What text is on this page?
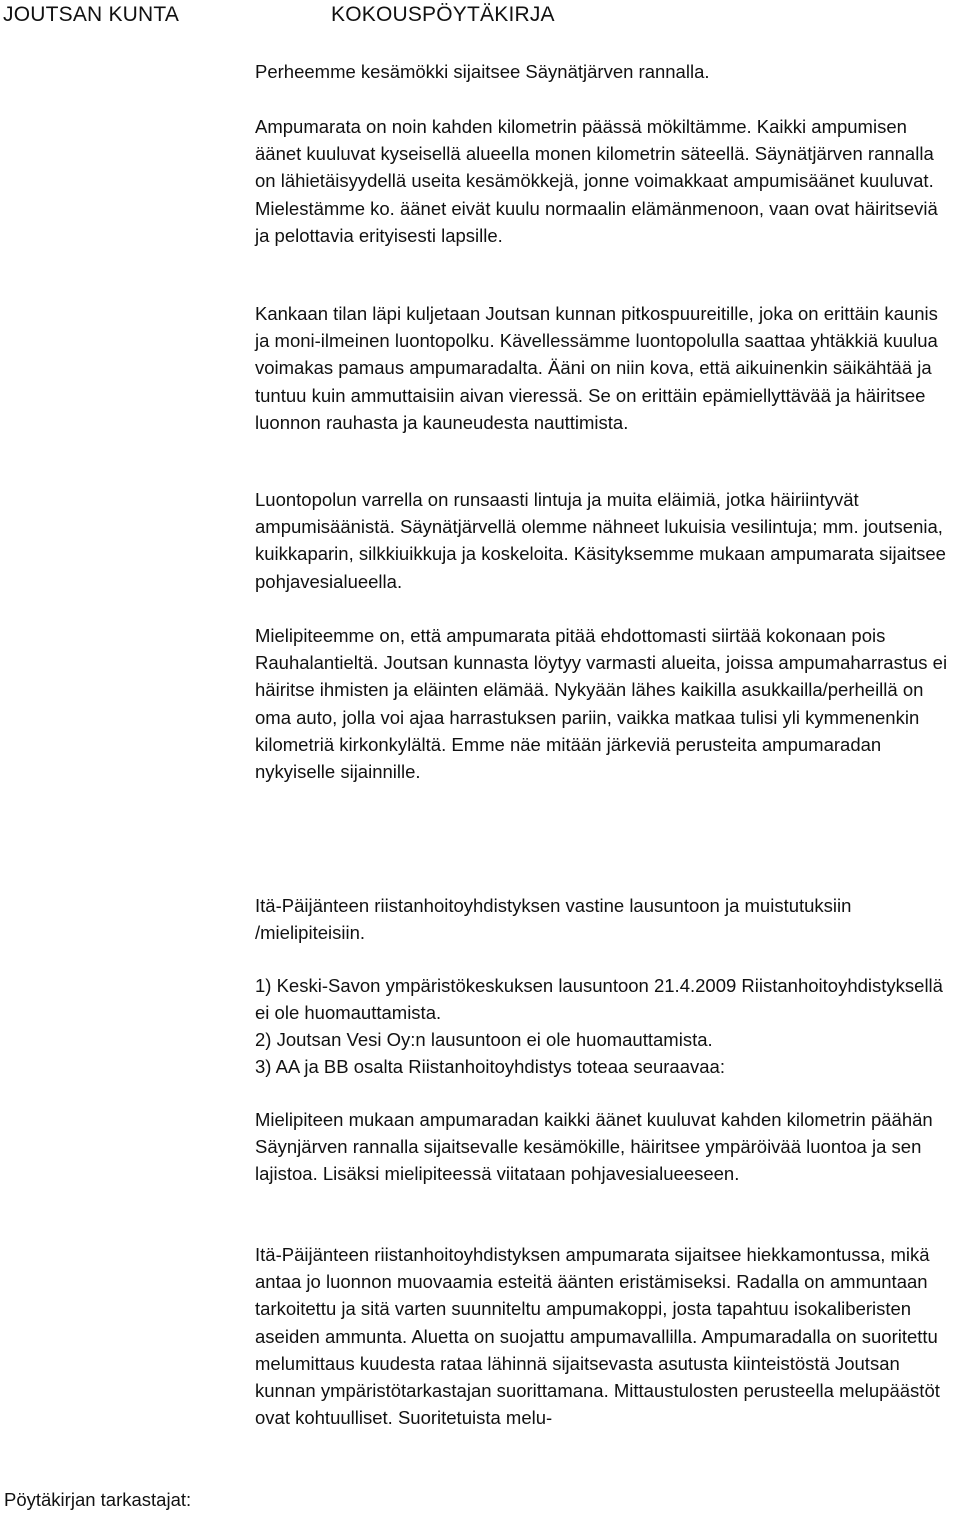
JOUTSAN KUNTA	KOKOUSPÖYTÄKIRJA

Perheemme kesämökki sijaitsee Säynätjärven rannalla.

Ampumarata on noin kahden kilometrin päässä mökiltämme. Kaikki ampumisen äänet kuuluvat kyseisellä alueella monen kilometrin säteellä. Säynätjärven rannalla on lähietäisyydellä useita kesämökkejä, jonne voimakkaat ampumisäänet kuuluvat. Mielestämme ko. äänet eivät kuulu normaalin elämänmenoon, vaan ovat häiritseviä ja pelottavia erityisesti lapsille.

Kankaan tilan läpi kuljetaan Joutsan kunnan pitkospuureitille, joka on erittäin kaunis ja moni-ilmeinen luontopolku. Kävellessämme luontopolulla saattaa yhtäkkiä kuulua voimakas pamaus ampumaradalta. Ääni on niin kova, että aikuinenkin säikähtää ja tuntuu kuin ammuttaisiin aivan vieressä. Se on erittäin epämiellyttävää ja häiritsee luonnon rauhasta ja kauneudesta nauttimista.

Luontopolun varrella on runsaasti lintuja ja muita eläimiä, jotka häiriintyvät ampumisäänistä. Säynätjärvellä olemme nähneet lukuisia vesilintuja; mm. joutsenia, kuikkaparin, silkkiuikkuja ja koskeloita. Käsityksemme mukaan ampumarata sijaitsee pohjavesialueella.

Mielipiteemme on, että ampumarata pitää ehdottomasti siirtää kokonaan pois Rauhalantieltä. Joutsan kunnasta löytyy varmasti alueita, joissa ampumaharrastus ei häiritse ihmisten ja eläinten elämää. Nykyään lähes kaikilla asukkailla/perheillä on oma auto, jolla voi ajaa harrastuksen pariin, vaikka matkaa tulisi yli kymmenenkin kilometriä kirkonkylältä. Emme näe mitään järkeviä perusteita ampumaradan nykyiselle sijainnille.

Itä-Päijänteen riistanhoitoyhdistyksen vastine lausuntoon ja muistutuksiin /mielipiteisiin.

1) Keski-Savon ympäristökeskuksen lausuntoon 21.4.2009 Riistanhoitoyhdistyksellä ei ole huomauttamista.

2) Joutsan Vesi Oy:n lausuntoon ei ole huomauttamista.

3) AA ja BB osalta Riistanhoitoyhdistys toteaa seuraavaa:

Mielipiteen mukaan ampumaradan kaikki äänet kuuluvat kahden kilometrin päähän Säynjärven rannalla sijaitsevalle kesämökille, häiritsee ympäröivää luontoa ja sen lajistoa. Lisäksi mielipiteessä viitataan pohjavesialueeseen.

Itä-Päijänteen riistanhoitoyhdistyksen ampumarata sijaitsee hiekkamontussa, mikä antaa jo luonnon muovaamia esteitä äänten eristämiseksi. Radalla on ammuntaan tarkoitettu ja sitä varten suunniteltu ampumakoppi, josta tapahtuu isokaliberisten aseiden ammunta. Aluetta on suojattu ampumavallilla. Ampumaradalla on suoritettu melumittaus kuudesta rataa lähinnä sijaitsevasta asutusta kiinteistöstä Joutsan kunnan ympäristötarkastajan suorittamana. Mittaustulosten perusteella melupäästöt ovat kohtuulliset. Suoritetuista melu-

Pöytäkirjan tarkastajat:
